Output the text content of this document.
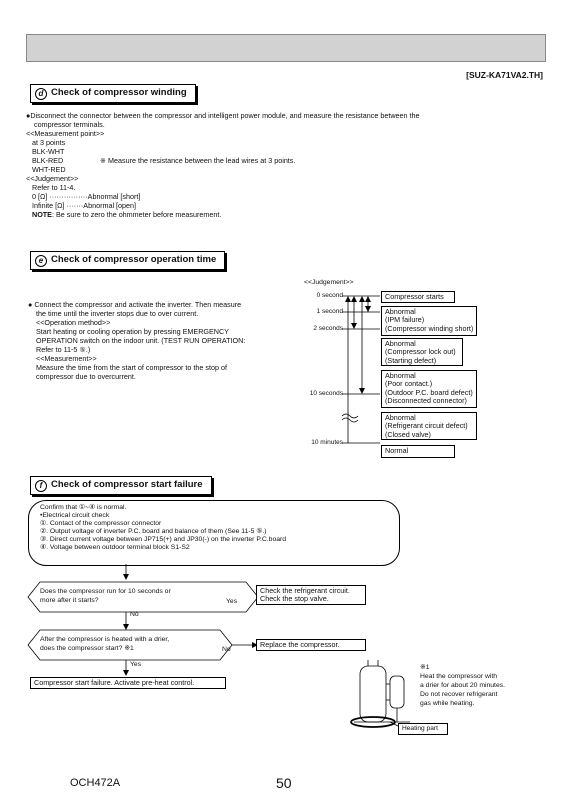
[SUZ-KA71VA2.TH]
d Check of compressor winding
●Disconnect the connector between the compressor and intelligent power module, and measure the resistance between the
compressor terminals.
<<Measurement point>>
at 3 points
BLK-WHT
BLK-RED	※ Measure the resistance between the lead wires at 3 points.
WHT-RED
<<Judgement>>
Refer to 11-4.
0 [Ω] ················Abnormal [short]
Infinite [Ω] ·······Abnormal [open]
NOTE: Be sure to zero the ohmmeter before measurement.
e Check of compressor operation time
● Connect the compressor and activate the inverter. Then measure
the time until the inverter stops due to over current.
<<Operation method>>
Start heating or cooling operation by pressing EMERGENCY
OPERATION switch on the indoor unit. (TEST RUN OPERATION:
Refer to 11-5 ⑤.)
<<Measurement>>
Measure the time from the start of compressor to the stop of
compressor due to overcurrent.
<<Judgement>>
0 second
1 second
2 seconds
10 seconds
10 minutes
Compressor starts
Abnormal
(IPM failure)
(Compressor winding short)
Abnormal
(Compressor lock out)
(Starting defect)
Abnormal
(Poor contact.)
(Outdoor P.C. board defect)
(Disconnected connector)
Abnormal
(Refrigerant circuit defect)
(Closed valve)
Normal
f Check of compressor start failure
Confirm that ①~④ is normal.
•Electrical circuit check
①. Contact of the compressor connector
②. Output voltage of inverter P.C. board and balance of them (See 11-5 ⑤.)
③. Direct current voltage between JP715(+) and JP30(-) on the inverter P.C.board
④. Voltage between outdoor terminal block S1-S2
Does the compressor run for 10 seconds or
more after it starts?	Yes
No
Check the refrigerant circuit.
Check the stop valve.
After the compressor is heated with a drier,
does the compressor start? ※1	No
Replace the compressor.
Yes
Compressor start failure. Activate pre-heat control.
※1
Heat the compressor with
a drier for about 20 minutes.
Do not recover refrigerant
gas while heating.
Heating part
OCH472A	50
